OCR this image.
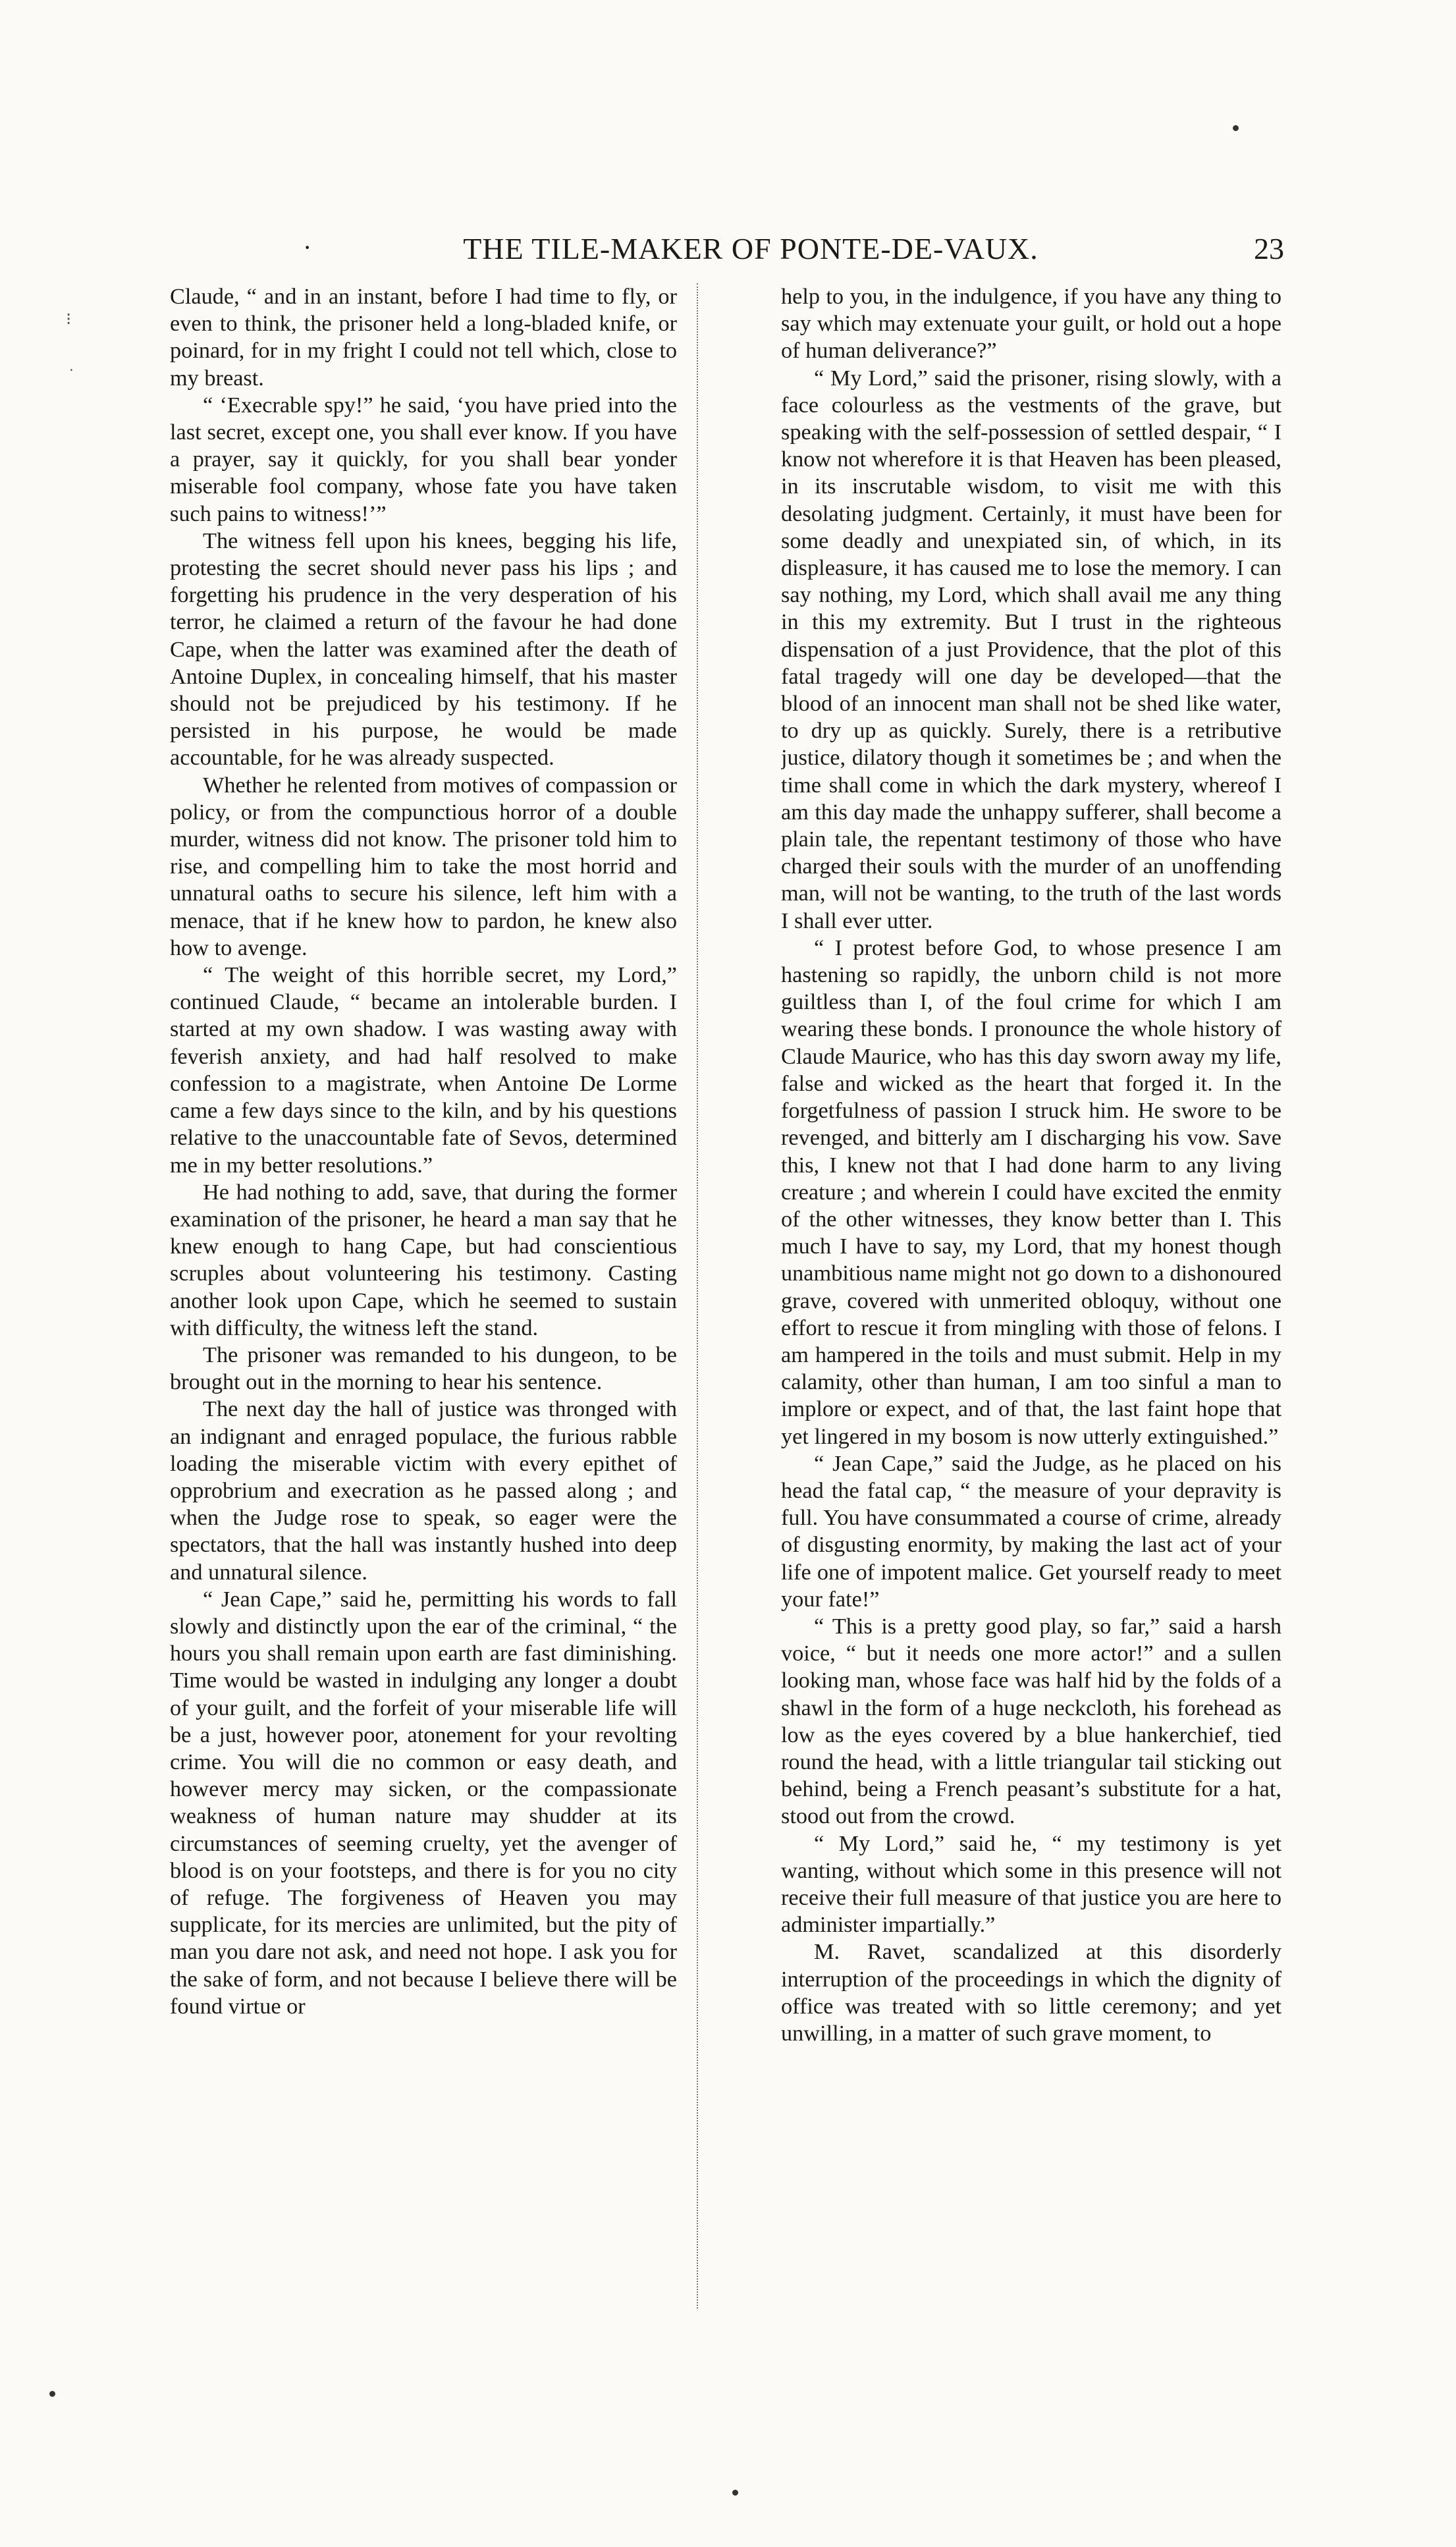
·	THE TILE-MAKER OF PONTE-DE-VAUX.	23

Claude, “ and in an instant, before I had time to fly, or even to think, the prisoner held a long-bladed knife, or poinard, for in my fright I could not tell which, close to my breast.

“ ‘Execrable spy!” he said, ‘you have pried into the last secret, except one, you shall ever know. If you have a prayer, say it quickly, for you shall bear yonder miserable fool company, whose fate you have taken such pains to witness!’”

The witness fell upon his knees, begging his life, protesting the secret should never pass his lips ; and forgetting his prudence in the very desperation of his terror, he claimed a return of the favour he had done Cape, when the latter was examined after the death of Antoine Duplex, in concealing himself, that his master should not be prejudiced by his testimony. If he persisted in his purpose, he would be made accountable, for he was already suspected.

Whether he relented from motives of compassion or policy, or from the compunctious horror of a double murder, witness did not know. The prisoner told him to rise, and compelling him to take the most horrid and unnatural oaths to secure his silence, left him with a menace, that if he knew how to pardon, he knew also how to avenge.

“ The weight of this horrible secret, my Lord,” continued Claude, “ became an intolerable burden. I started at my own shadow. I was wasting away with feverish anxiety, and had half resolved to make confession to a magistrate, when Antoine De Lorme came a few days since to the kiln, and by his questions relative to the unaccountable fate of Sevos, determined me in my better resolutions.”

He had nothing to add, save, that during the former examination of the prisoner, he heard a man say that he knew enough to hang Cape, but had conscientious scruples about volunteering his testimony. Casting another look upon Cape, which he seemed to sustain with difficulty, the witness left the stand.

The prisoner was remanded to his dungeon, to be brought out in the morning to hear his sentence.

The next day the hall of justice was thronged with an indignant and enraged populace, the furious rabble loading the miserable victim with every epithet of opprobrium and execration as he passed along ; and when the Judge rose to speak, so eager were the spectators, that the hall was instantly hushed into deep and unnatural silence.

“ Jean Cape,” said he, permitting his words to fall slowly and distinctly upon the ear of the criminal, “ the hours you shall remain upon earth are fast diminishing. Time would be wasted in indulging any longer a doubt of your guilt, and the forfeit of your miserable life will be a just, however poor, atonement for your revolting crime. You will die no common or easy death, and however mercy may sicken, or the compassionate weakness of human nature may shudder at its circumstances of seeming cruelty, yet the avenger of blood is on your footsteps, and there is for you no city of refuge. The forgiveness of Heaven you may supplicate, for its mercies are unlimited, but the pity of man you dare not ask, and need not hope. I ask you for the sake of form, and not because I believe there will be found virtue or

help to you, in the indulgence, if you have any thing to say which may extenuate your guilt, or hold out a hope of human deliverance?”

“ My Lord,” said the prisoner, rising slowly, with a face colourless as the vestments of the grave, but speaking with the self-possession of settled despair, “ I know not wherefore it is that Heaven has been pleased, in its inscrutable wisdom, to visit me with this desolating judgment. Certainly, it must have been for some deadly and unexpiated sin, of which, in its displeasure, it has caused me to lose the memory. I can say nothing, my Lord, which shall avail me any thing in this my extremity. But I trust in the righteous dispensation of a just Providence, that the plot of this fatal tragedy will one day be developed—that the blood of an innocent man shall not be shed like water, to dry up as quickly. Surely, there is a retributive justice, dilatory though it sometimes be ; and when the time shall come in which the dark mystery, whereof I am this day made the unhappy sufferer, shall become a plain tale, the repentant testimony of those who have charged their souls with the murder of an unoffending man, will not be wanting, to the truth of the last words I shall ever utter.

“ I protest before God, to whose presence I am hastening so rapidly, the unborn child is not more guiltless than I, of the foul crime for which I am wearing these bonds. I pronounce the whole history of Claude Maurice, who has this day sworn away my life, false and wicked as the heart that forged it. In the forgetfulness of passion I struck him. He swore to be revenged, and bitterly am I discharging his vow. Save this, I knew not that I had done harm to any living creature ; and wherein I could have excited the enmity of the other witnesses, they know better than I. This much I have to say, my Lord, that my honest though unambitious name might not go down to a dishonoured grave, covered with unmerited obloquy, without one effort to rescue it from mingling with those of felons. I am hampered in the toils and must submit. Help in my calamity, other than human, I am too sinful a man to implore or expect, and of that, the last faint hope that yet lingered in my bosom is now utterly extinguished.”

“ Jean Cape,” said the Judge, as he placed on his head the fatal cap, “ the measure of your depravity is full. You have consummated a course of crime, already of disgusting enormity, by making the last act of your life one of impotent malice. Get yourself ready to meet your fate!”

“ This is a pretty good play, so far,” said a harsh voice, “ but it needs one more actor!” and a sullen looking man, whose face was half hid by the folds of a shawl in the form of a huge neckcloth, his forehead as low as the eyes covered by a blue hankerchief, tied round the head, with a little triangular tail sticking out behind, being a French peasant’s substitute for a hat, stood out from the crowd.

“ My Lord,” said he, “ my testimony is yet wanting, without which some in this presence will not receive their full measure of that justice you are here to administer impartially.”

M. Ravet, scandalized at this disorderly interruption of the proceedings in which the dignity of office was treated with so little ceremony; and yet unwilling, in a matter of such grave moment, to

⁝
˙
